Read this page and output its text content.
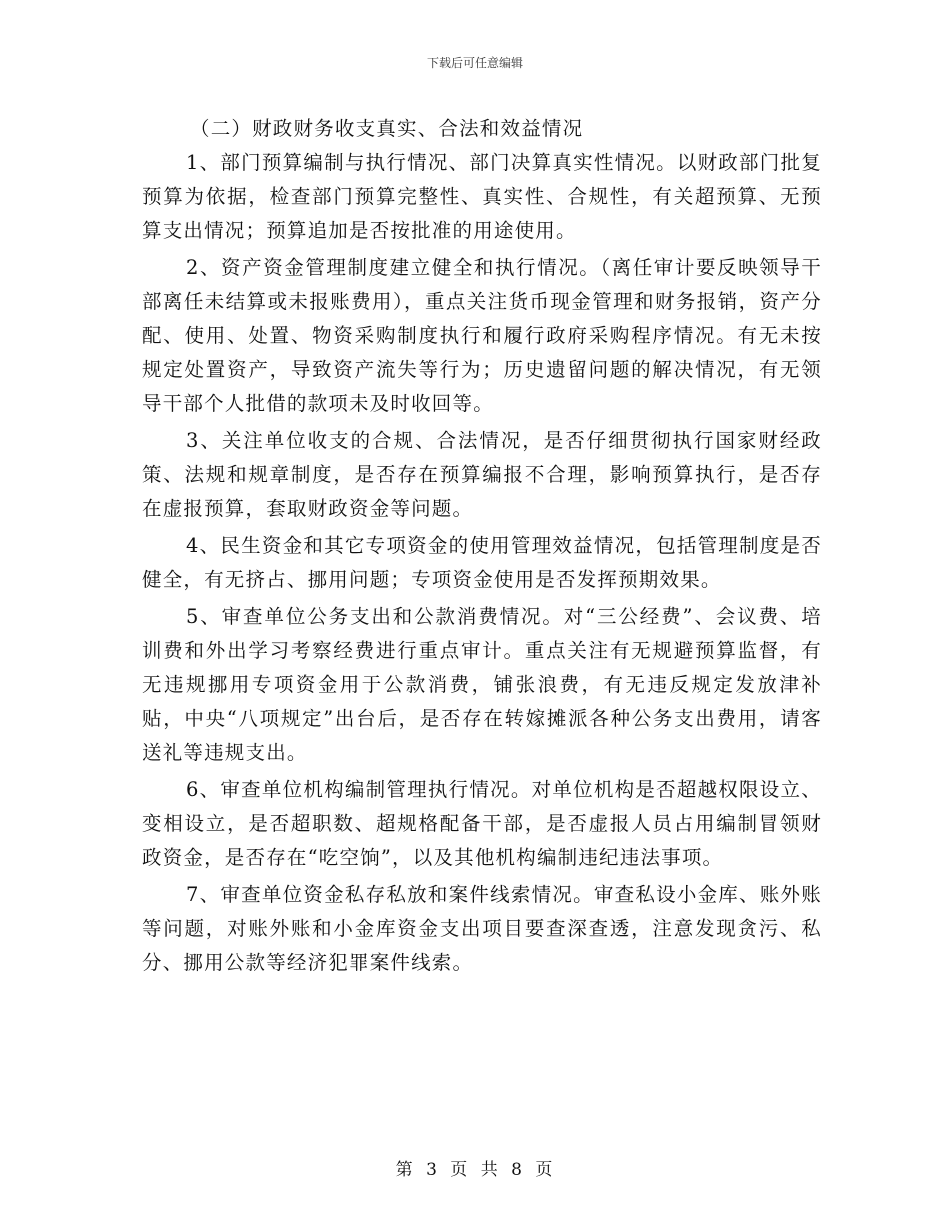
下载后可任意编辑

（二）财政财务收支真实、合法和效益情况

1、部门预算编制与执行情况、部门决算真实性情况。以财政部门批复预算为依据，检查部门预算完整性、真实性、合规性，有关超预算、无预算支出情况；预算追加是否按批准的用途使用。

2、资产资金管理制度建立健全和执行情况。（离任审计要反映领导干部离任未结算或未报账费用），重点关注货币现金管理和财务报销，资产分配、使用、处置、物资采购制度执行和履行政府采购程序情况。有无未按规定处置资产，导致资产流失等行为；历史遗留问题的解决情况，有无领导干部个人批借的款项未及时收回等。

3、关注单位收支的合规、合法情况，是否仔细贯彻执行国家财经政策、法规和规章制度，是否存在预算编报不合理，影响预算执行，是否存在虚报预算，套取财政资金等问题。

4、民生资金和其它专项资金的使用管理效益情况，包括管理制度是否健全，有无挤占、挪用问题；专项资金使用是否发挥预期效果。

5、审查单位公务支出和公款消费情况。对“三公经费”、会议费、培训费和外出学习考察经费进行重点审计。重点关注有无规避预算监督，有无违规挪用专项资金用于公款消费，铺张浪费，有无违反规定发放津补贴，中央“八项规定”出台后，是否存在转嫁摊派各种公务支出费用，请客送礼等违规支出。

6、审查单位机构编制管理执行情况。对单位机构是否超越权限设立、变相设立，是否超职数、超规格配备干部，是否虚报人员占用编制冒领财政资金，是否存在“吃空饷”，以及其他机构编制违纪违法事项。

7、审查单位资金私存私放和案件线索情况。审查私设小金库、账外账等问题，对账外账和小金库资金支出项目要查深查透，注意发现贪污、私分、挪用公款等经济犯罪案件线索。

第 3 页 共 8 页
